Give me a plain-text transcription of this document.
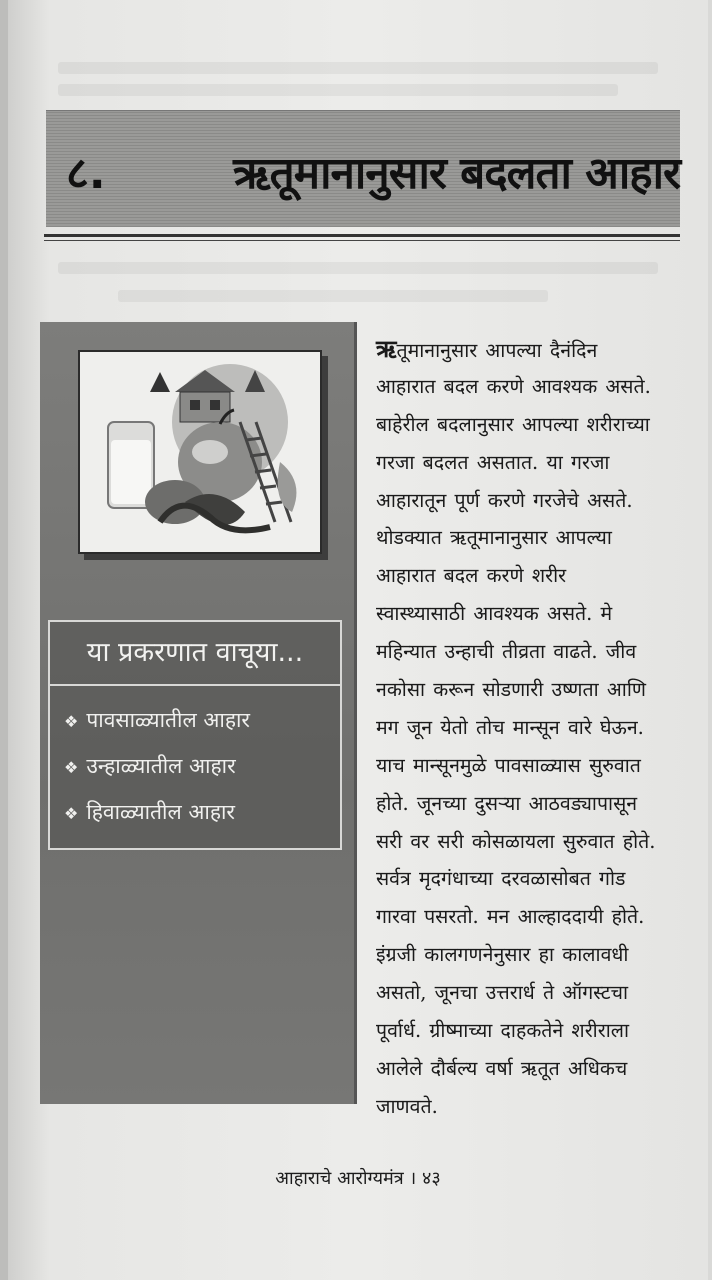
८.	ऋतूमानानुसार बदलता आहार
या प्रकरणात वाचूया...
❖ पावसाळ्यातील आहार
❖ उन्हाळ्यातील आहार
❖ हिवाळ्यातील आहार
ऋतूमानानुसार आपल्या दैनंदिन
आहारात बदल करणे आवश्यक असते.
बाहेरील बदलानुसार आपल्या शरीराच्या
गरजा बदलत असतात. या गरजा
आहारातून पूर्ण करणे गरजेचे असते.
थोडक्यात ऋतूमानानुसार आपल्या
आहारात बदल करणे शरीर
स्वास्थ्यासाठी आवश्यक असते. मे
महिन्यात उन्हाची तीव्रता वाढते. जीव
नकोसा करून सोडणारी उष्णता आणि
मग जून येतो तोच मान्सून वारे घेऊन.
याच मान्सूनमुळे पावसाळ्यास सुरुवात
होते. जूनच्या दुसऱ्या आठवड्यापासून
सरी वर सरी कोसळायला सुरुवात होते.
सर्वत्र मृदगंधाच्या दरवळासोबत गोड
गारवा पसरतो. मन आल्हाददायी होते.
इंग्रजी कालगणनेनुसार हा कालावधी
असतो, जूनचा उत्तरार्ध ते ऑगस्टचा
पूर्वार्ध. ग्रीष्माच्या दाहकतेने शरीराला
आलेले दौर्बल्य वर्षा ऋतूत अधिकच
जाणवते.
आहाराचे आरोग्यमंत्र । ४३
